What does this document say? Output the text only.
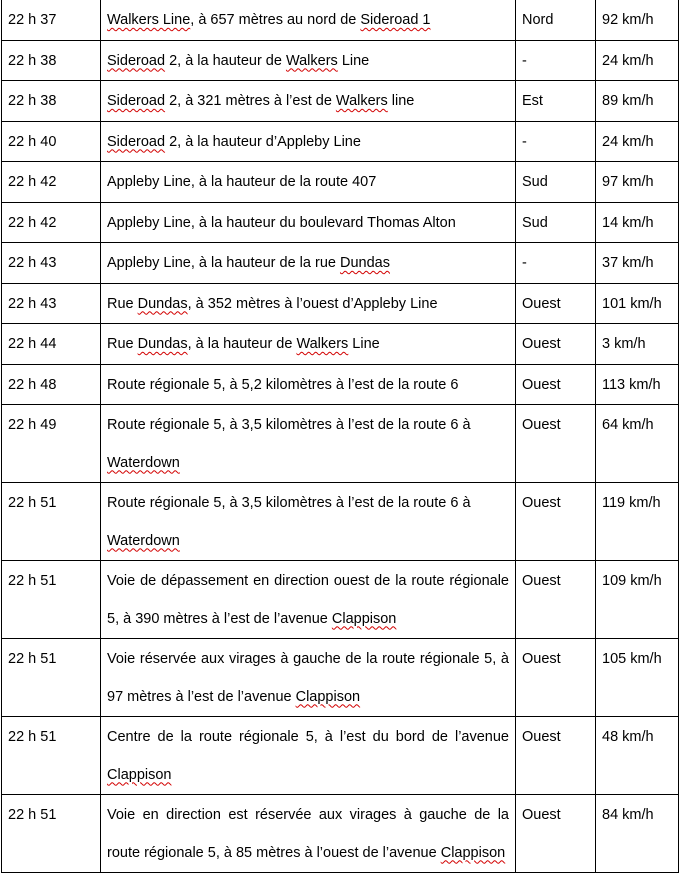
22 h 37	Walkers Line, à 657 mètres au nord de Sideroad 1	Nord	92 km/h
22 h 38	Sideroad 2, à la hauteur de Walkers Line	-	24 km/h
22 h 38	Sideroad 2, à 321 mètres à l’est de Walkers line	Est	89 km/h
22 h 40	Sideroad 2, à la hauteur d’Appleby Line	-	24 km/h
22 h 42	Appleby Line, à la hauteur de la route 407	Sud	97 km/h
22 h 42	Appleby Line, à la hauteur du boulevard Thomas Alton	Sud	14 km/h
22 h 43	Appleby Line, à la hauteur de la rue Dundas	-	37 km/h
22 h 43	Rue Dundas, à 352 mètres à l’ouest d’Appleby Line	Ouest	101 km/h
22 h 44	Rue Dundas, à la hauteur de Walkers Line	Ouest	3 km/h
22 h 48	Route régionale 5, à 5,2 kilomètres à l’est de la route 6	Ouest	113 km/h
22 h 49	Route régionale 5, à 3,5 kilomètres à l’est de la route 6 à Waterdown	Ouest	64 km/h
22 h 51	Route régionale 5, à 3,5 kilomètres à l’est de la route 6 à Waterdown	Ouest	119 km/h
22 h 51	Voie de dépassement en direction ouest de la route régionale 5, à 390 mètres à l’est de l’avenue Clappison	Ouest	109 km/h
22 h 51	Voie réservée aux virages à gauche de la route régionale 5, à 97 mètres à l’est de l’avenue Clappison	Ouest	105 km/h
22 h 51	Centre de la route régionale 5, à l’est du bord de l’avenue Clappison	Ouest	48 km/h
22 h 51	Voie en direction est réservée aux virages à gauche de la route régionale 5, à 85 mètres à l’ouest de l’avenue Clappison	Ouest	84 km/h
